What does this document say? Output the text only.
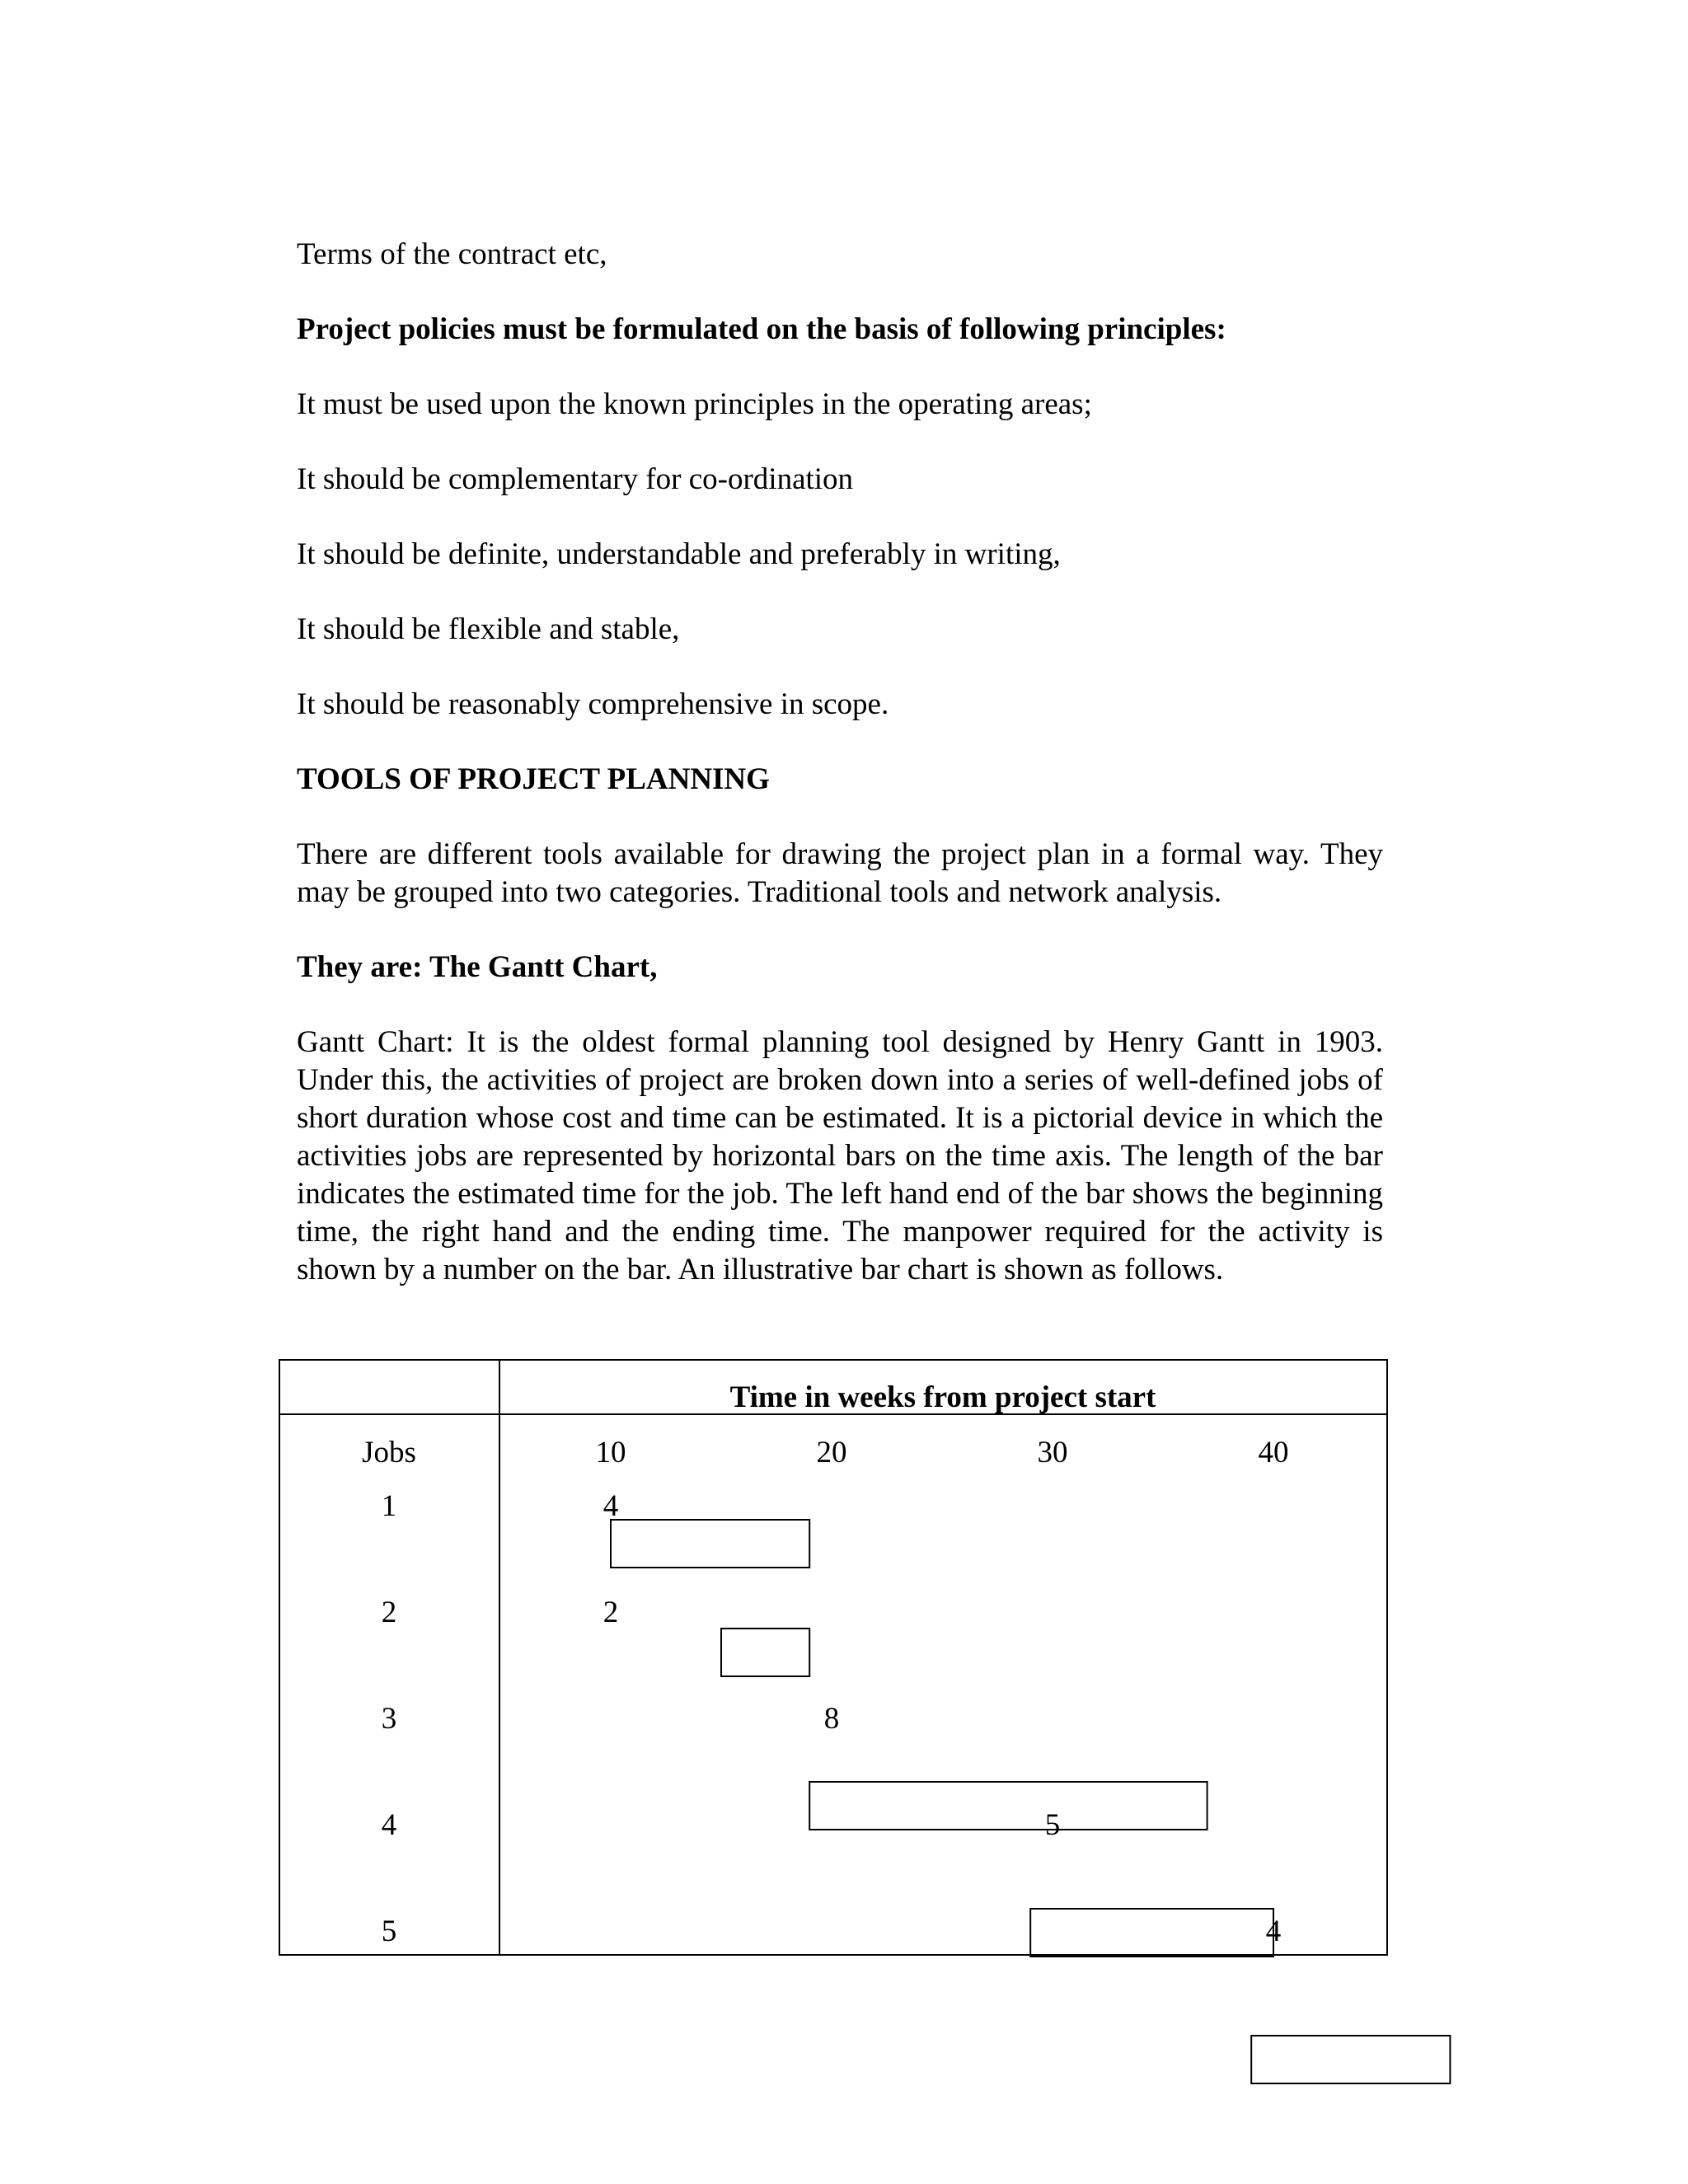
Terms of the contract etc,

Project policies must be formulated on the basis of following principles:

It must be used upon the known principles in the operating areas;

It should be complementary for co-ordination

It should be definite, understandable and preferably in writing,

It should be flexible and stable,

It should be reasonably comprehensive in scope.

TOOLS OF PROJECT PLANNING

There are different tools available for drawing the project plan in a formal way. They may be grouped into two categories. Traditional tools and network analysis.

They are: The Gantt Chart,

Gantt Chart: It is the oldest formal planning tool designed by Henry Gantt in 1903. Under this, the activities of project are broken down into a series of well-defined jobs of short duration whose cost and time can be estimated. It is a pictorial device in which the activities jobs are represented by horizontal bars on the time axis. The length of the bar indicates the estimated time for the job. The left hand end of the bar shows the beginning time, the right hand and the ending time. The manpower required for the activity is shown by a number on the bar. An illustrative bar chart is shown as follows.

Time in weeks from project start
Jobs	10	20	30	40
1	4
2	2
3	8
4	5
5	4
